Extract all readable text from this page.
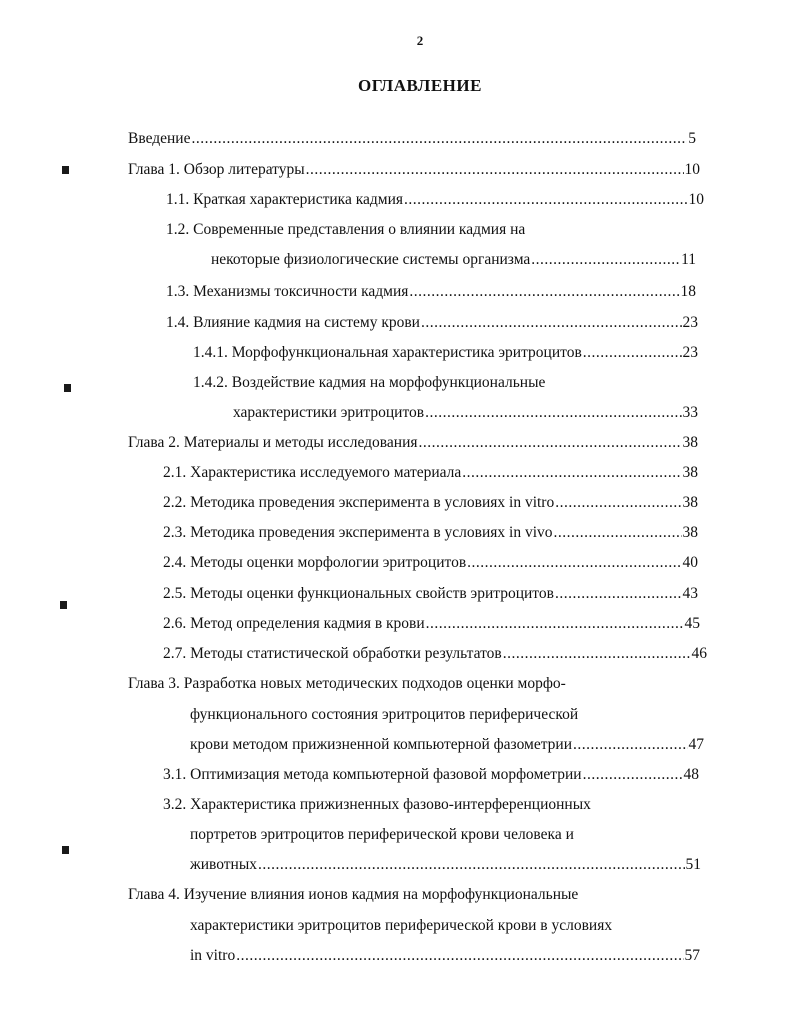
2
ОГЛАВЛЕНИЕ
Введение .....	5
Глава 1. Обзор литературы .....	10
1.1. Краткая характеристика кадмия .....	10
1.2. Современные представления о влиянии кадмия на
некоторые физиологические системы организма .....	11
1.3. Механизмы токсичности кадмия .....	18
1.4. Влияние кадмия на систему крови .....	23
1.4.1. Морфофункциональная характеристика эритроцитов .....	23
1.4.2. Воздействие кадмия на морфофункциональные
характеристики эритроцитов .....	33
Глава 2. Материалы и методы исследования .....	38
2.1. Характеристика исследуемого материала .....	38
2.2. Методика проведения эксперимента в условиях in vitro .....	38
2.3. Методика проведения эксперимента в условиях in vivo .....	38
2.4. Методы оценки морфологии эритроцитов .....	40
2.5. Методы оценки функциональных свойств эритроцитов .....	43
2.6. Метод определения кадмия в крови .....	45
2.7. Методы статистической обработки результатов .....	46
Глава 3. Разработка новых методических подходов оценки морфо-
функционального состояния эритроцитов периферической
крови методом прижизненной компьютерной фазометрии .....	47
3.1. Оптимизация метода компьютерной фазовой морфометрии .....	48
3.2. Характеристика прижизненных фазово-интерференционных
портретов эритроцитов периферической крови человека и
животных .....	51
Глава 4. Изучение влияния ионов кадмия на морфофункциональные
характеристики эритроцитов периферической крови в условиях
in vitro .....	57
